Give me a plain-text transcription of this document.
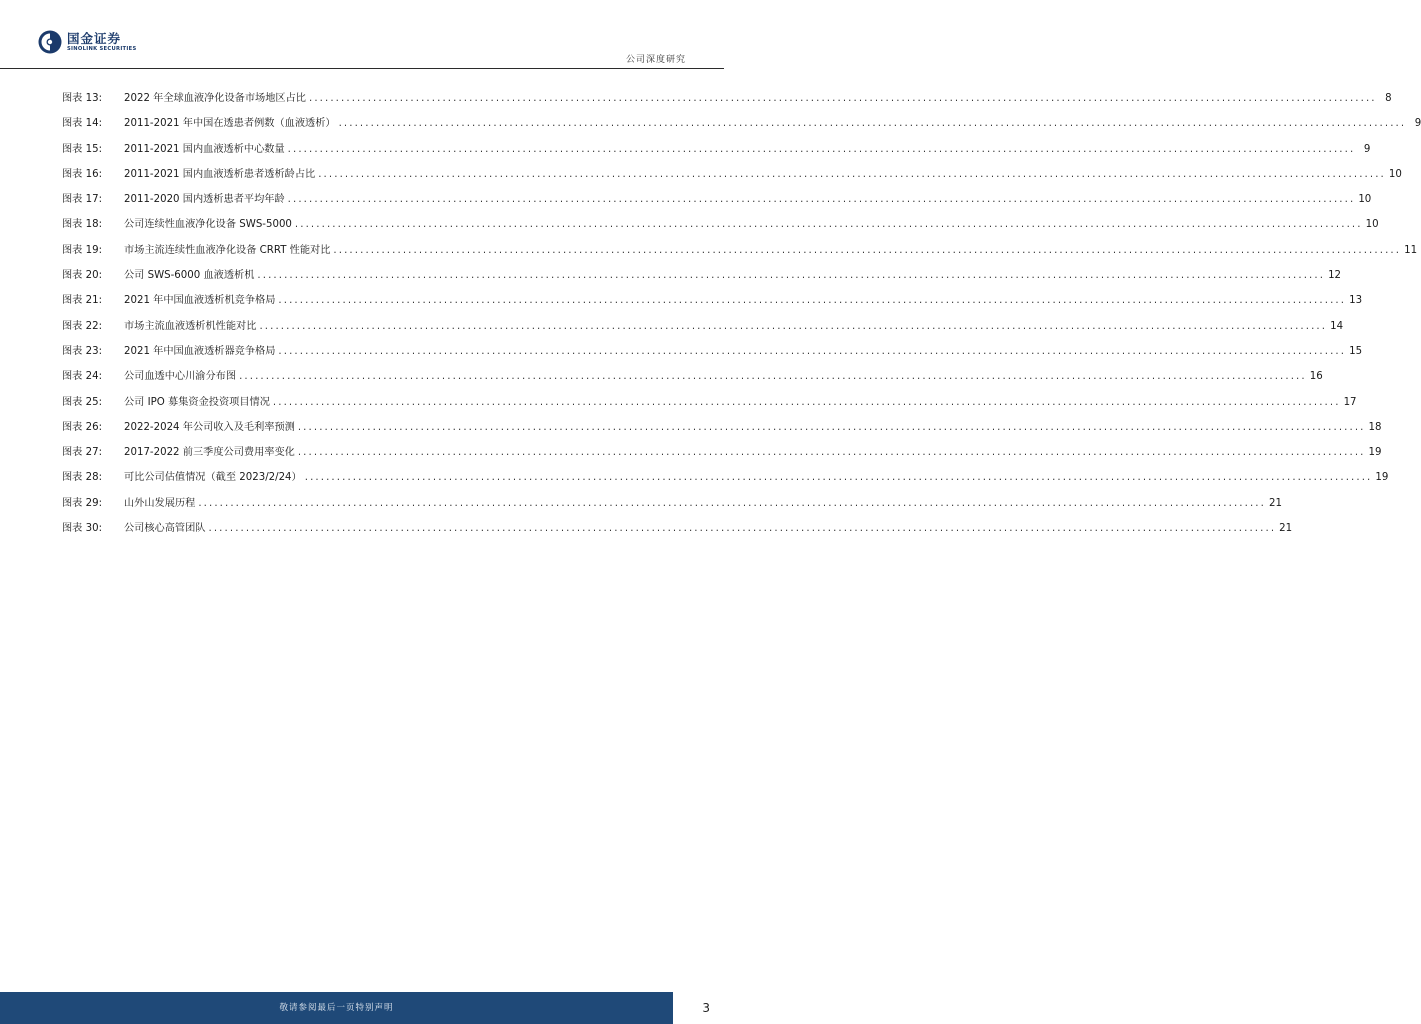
国金证券
SINOLINK SECURITIES
公司深度研究
图表 13:	2022 年全球血液净化设备市场地区占比 ........................................................................................................................................................................................................ 8
图表 14:	2011-2021 年中国在透患者例数（血液透析） ........................................................................................................................................................................................................ 9
图表 15:	2011-2021 国内血液透析中心数量 ........................................................................................................................................................................................................ 9
图表 16:	2011-2021 国内血液透析患者透析龄占比 ........................................................................................................................................................................................................ 10
图表 17:	2011-2020 国内透析患者平均年龄 ........................................................................................................................................................................................................ 10
图表 18:	公司连续性血液净化设备 SWS-5000 ........................................................................................................................................................................................................ 10
图表 19:	市场主流连续性血液净化设备 CRRT 性能对比 ........................................................................................................................................................................................................ 11
图表 20:	公司 SWS-6000 血液透析机 ........................................................................................................................................................................................................ 12
图表 21:	2021 年中国血液透析机竞争格局 ........................................................................................................................................................................................................ 13
图表 22:	市场主流血液透析机性能对比 ........................................................................................................................................................................................................ 14
图表 23:	2021 年中国血液透析器竞争格局 ........................................................................................................................................................................................................ 15
图表 24:	公司血透中心川渝分布图 ........................................................................................................................................................................................................ 16
图表 25:	公司 IPO 募集资金投资项目情况 ........................................................................................................................................................................................................ 17
图表 26:	2022-2024 年公司收入及毛利率预测 ........................................................................................................................................................................................................ 18
图表 27:	2017-2022 前三季度公司费用率变化 ........................................................................................................................................................................................................ 19
图表 28:	可比公司估值情况（截至 2023/2/24） ........................................................................................................................................................................................................ 19
图表 29:	山外山发展历程 ........................................................................................................................................................................................................ 21
图表 30:	公司核心高管团队 ........................................................................................................................................................................................................ 21
敬请参阅最后一页特别声明	3
